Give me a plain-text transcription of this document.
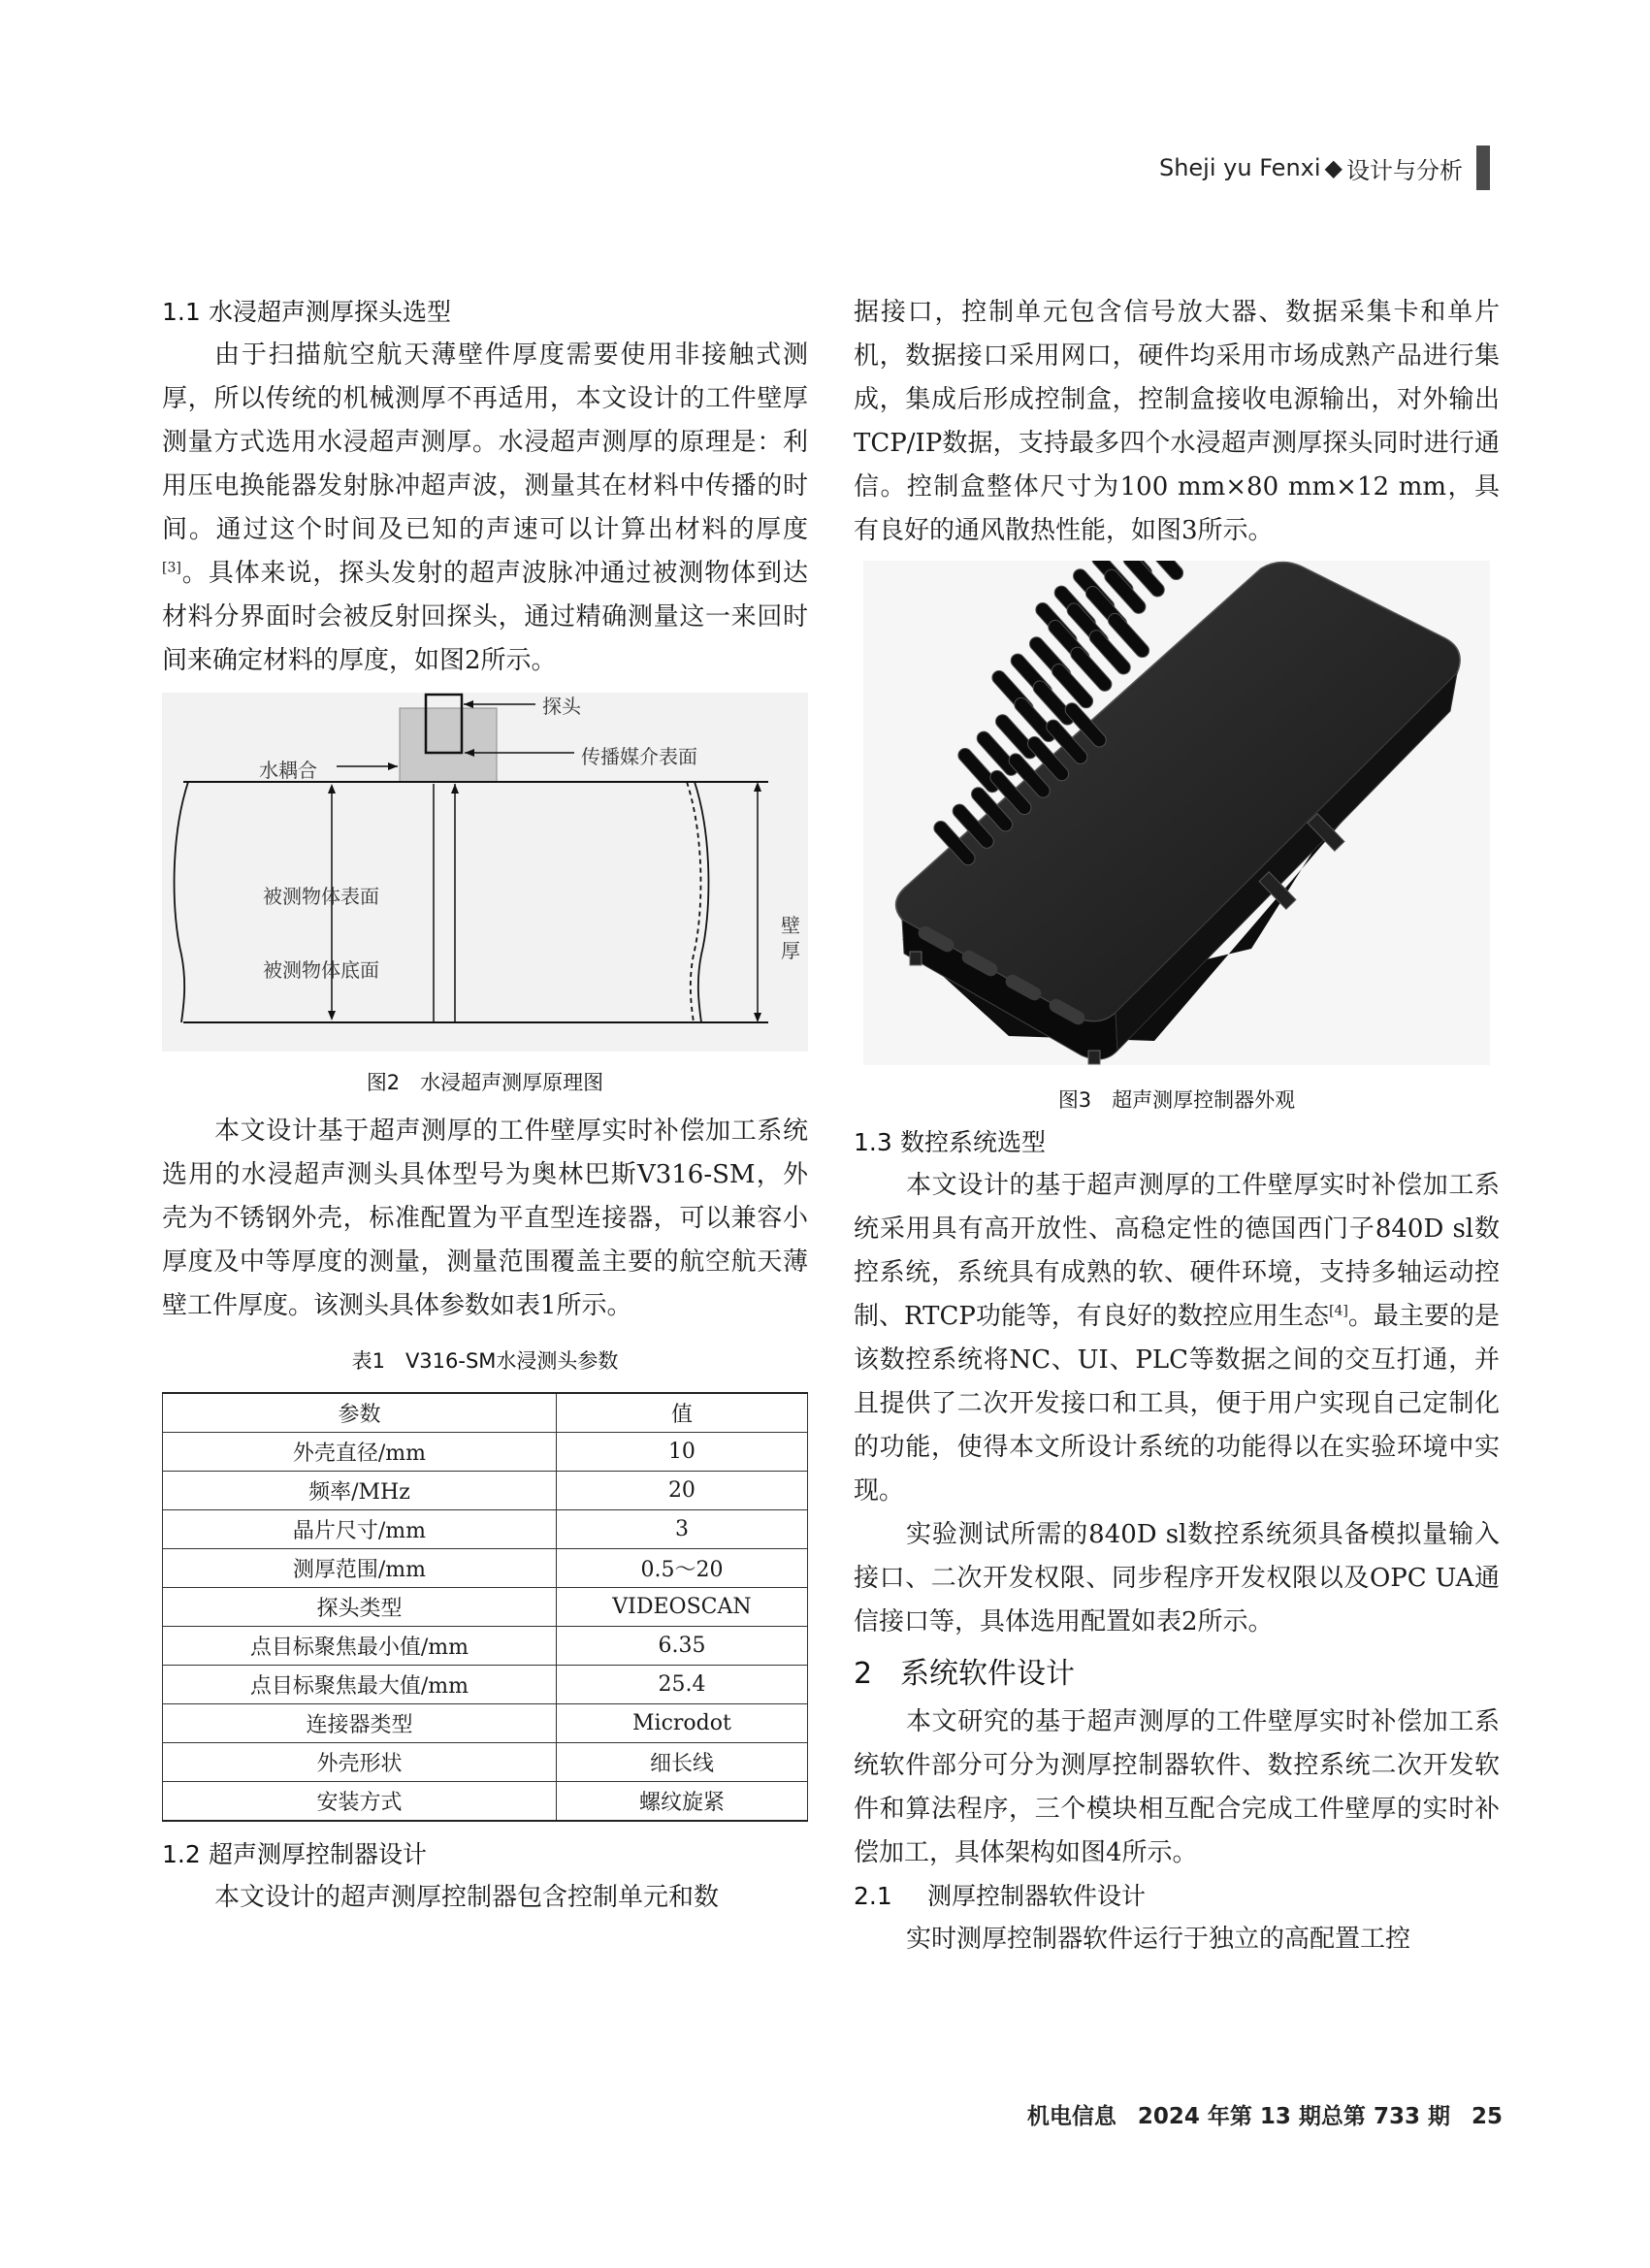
Sheji yu Fenxi ◆ 设计与分析
1.1 水浸超声测厚探头选型

由于扫描航空航天薄壁件厚度需要使用非接触式测厚，所以传统的机械测厚不再适用，本文设计的工件壁厚测量方式选用水浸超声测厚。水浸超声测厚的原理是：利用压电换能器发射脉冲超声波，测量其在材料中传播的时间。通过这个时间及已知的声速可以计算出材料的厚度[3]。具体来说，探头发射的超声波脉冲通过被测物体到达材料分界面时会被反射回探头，通过精确测量这一来回时间来确定材料的厚度，如图2所示。

探头
传播媒介表面
水耦合
被测物体表面
被测物体底面
壁
厚
图2　水浸超声测厚原理图

本文设计基于超声测厚的工件壁厚实时补偿加工系统选用的水浸超声测头具体型号为奥林巴斯V316-SM，外壳为不锈钢外壳，标准配置为平直型连接器，可以兼容小厚度及中等厚度的测量，测量范围覆盖主要的航空航天薄壁工件厚度。该测头具体参数如表1所示。

表1　V316-SM水浸测头参数
参数	值
外壳直径/mm	10
频率/MHz	20
晶片尺寸/mm	3
测厚范围/mm	0.5～20
探头类型	VIDEOSCAN
点目标聚焦最小值/mm	6.35
点目标聚焦最大值/mm	25.4
连接器类型	Microdot
外壳形状	细长线
安装方式	螺纹旋紧
1.2 超声测厚控制器设计

本文设计的超声测厚控制器包含控制单元和数

据接口，控制单元包含信号放大器、数据采集卡和单片机，数据接口采用网口，硬件均采用市场成熟产品进行集成，集成后形成控制盒，控制盒接收电源输出，对外输出TCP/IP数据，支持最多四个水浸超声测厚探头同时进行通信。控制盒整体尺寸为100 mm×80 mm×12 mm，具有良好的通风散热性能，如图3所示。

图3　超声测厚控制器外观
1.3 数控系统选型

本文设计的基于超声测厚的工件壁厚实时补偿加工系统采用具有高开放性、高稳定性的德国西门子840D sl数控系统，系统具有成熟的软、硬件环境，支持多轴运动控制、RTCP功能等，有良好的数控应用生态[4]。最主要的是该数控系统将NC、UI、PLC等数据之间的交互打通，并且提供了二次开发接口和工具，便于用户实现自己定制化的功能，使得本文所设计系统的功能得以在实验环境中实现。

实验测试所需的840D sl数控系统须具备模拟量输入接口、二次开发权限、同步程序开发权限以及OPC UA通信接口等，具体选用配置如表2所示。

2 系统软件设计

本文研究的基于超声测厚的工件壁厚实时补偿加工系统软件部分可分为测厚控制器软件、数控系统二次开发软件和算法程序，三个模块相互配合完成工件壁厚的实时补偿加工，具体架构如图4所示。

2.1 测厚控制器软件设计

实时测厚控制器软件运行于独立的高配置工控

机电信息 2024 年第 13 期总第 733 期 25
